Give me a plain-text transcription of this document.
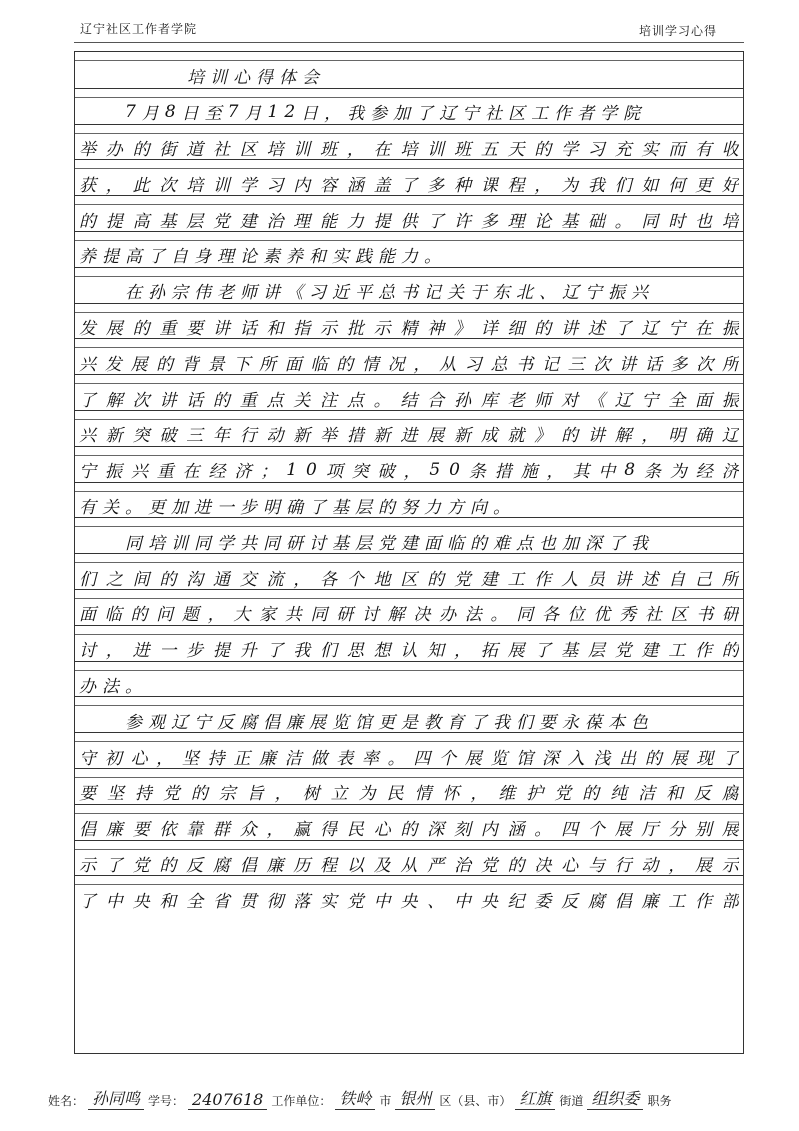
辽宁社区工作者学院	培训学习心得
培训心得体会
7 月 8 日 至 7 月 1 2 日 ， 我 参 加 了 辽 宁 社 区 工 作 者 学 院
举 办 的 街 道 社 区 培 训 班 ， 在 培 训 班 五 天 的 学 习 充 实 而 有 收
获 ， 此 次 培 训 学 习 内 容 涵 盖 了 多 种 课 程 ， 为 我 们 如 何 更 好
的 提 高 基 层 党 建 治 理 能 力 提 供 了 许 多 理 论 基 础 。 同 时 也 培
养 提 高 了 自 身 理 论 素 养 和 实 践 能 力 。
在 孙 宗 伟 老 师 讲 《 习 近 平 总 书 记 关 于 东 北 、 辽 宁 振 兴
发 展 的 重 要 讲 话 和 指 示 批 示 精 神 》 详 细 的 讲 述 了 辽 宁 在 振
兴 发 展 的 背 景 下 所 面 临 的 情 况 ， 从 习 总 书 记 三 次 讲 话 多 次 所
了 解 次 讲 话 的 重 点 关 注 点 。 结 合 孙 库 老 师 对 《 辽 宁 全 面 振
兴 新 突 破 三 年 行 动 新 举 措 新 进 展 新 成 就 》 的 讲 解 ， 明 确 辽
宁 振 兴 重 在 经 济 ； 1 0 项 突 破 ， 5 0 条 措 施 ， 其 中 8 条 为 经 济
有 关 。 更 加 进 一 步 明 确 了 基 层 的 努 力 方 向 。
同 培 训 同 学 共 同 研 讨 基 层 党 建 面 临 的 难 点 也 加 深 了 我
们 之 间 的 沟 通 交 流 ， 各 个 地 区 的 党 建 工 作 人 员 讲 述 自 己 所
面 临 的 问 题 ， 大 家 共 同 研 讨 解 决 办 法 。 同 各 位 优 秀 社 区 书 研
讨 ， 进 一 步 提 升 了 我 们 思 想 认 知 ， 拓 展 了 基 层 党 建 工 作 的
办 法 。
参 观 辽 宁 反 腐 倡 廉 展 览 馆 更 是 教 育 了 我 们 要 永 葆 本 色
守 初 心 ， 坚 持 正 廉 洁 做 表 率 。 四 个 展 览 馆 深 入 浅 出 的 展 现 了
要 坚 持 党 的 宗 旨 ， 树 立 为 民 情 怀 ， 维 护 党 的 纯 洁 和 反 腐
倡 廉 要 依 靠 群 众 ， 赢 得 民 心 的 深 刻 内 涵 。 四 个 展 厅 分 别 展
示 了 党 的 反 腐 倡 廉 历 程 以 及 从 严 治 党 的 决 心 与 行 动 ， 展 示
了 中 央 和 全 省 贯 彻 落 实 党 中 央 、 中 央 纪 委 反 腐 倡 廉 工 作 部
姓名： 孙同鸣 学号： 2407618 工作单位： 铁岭 市 银州 区（县、市） 红旗 街道 组织委 职务
